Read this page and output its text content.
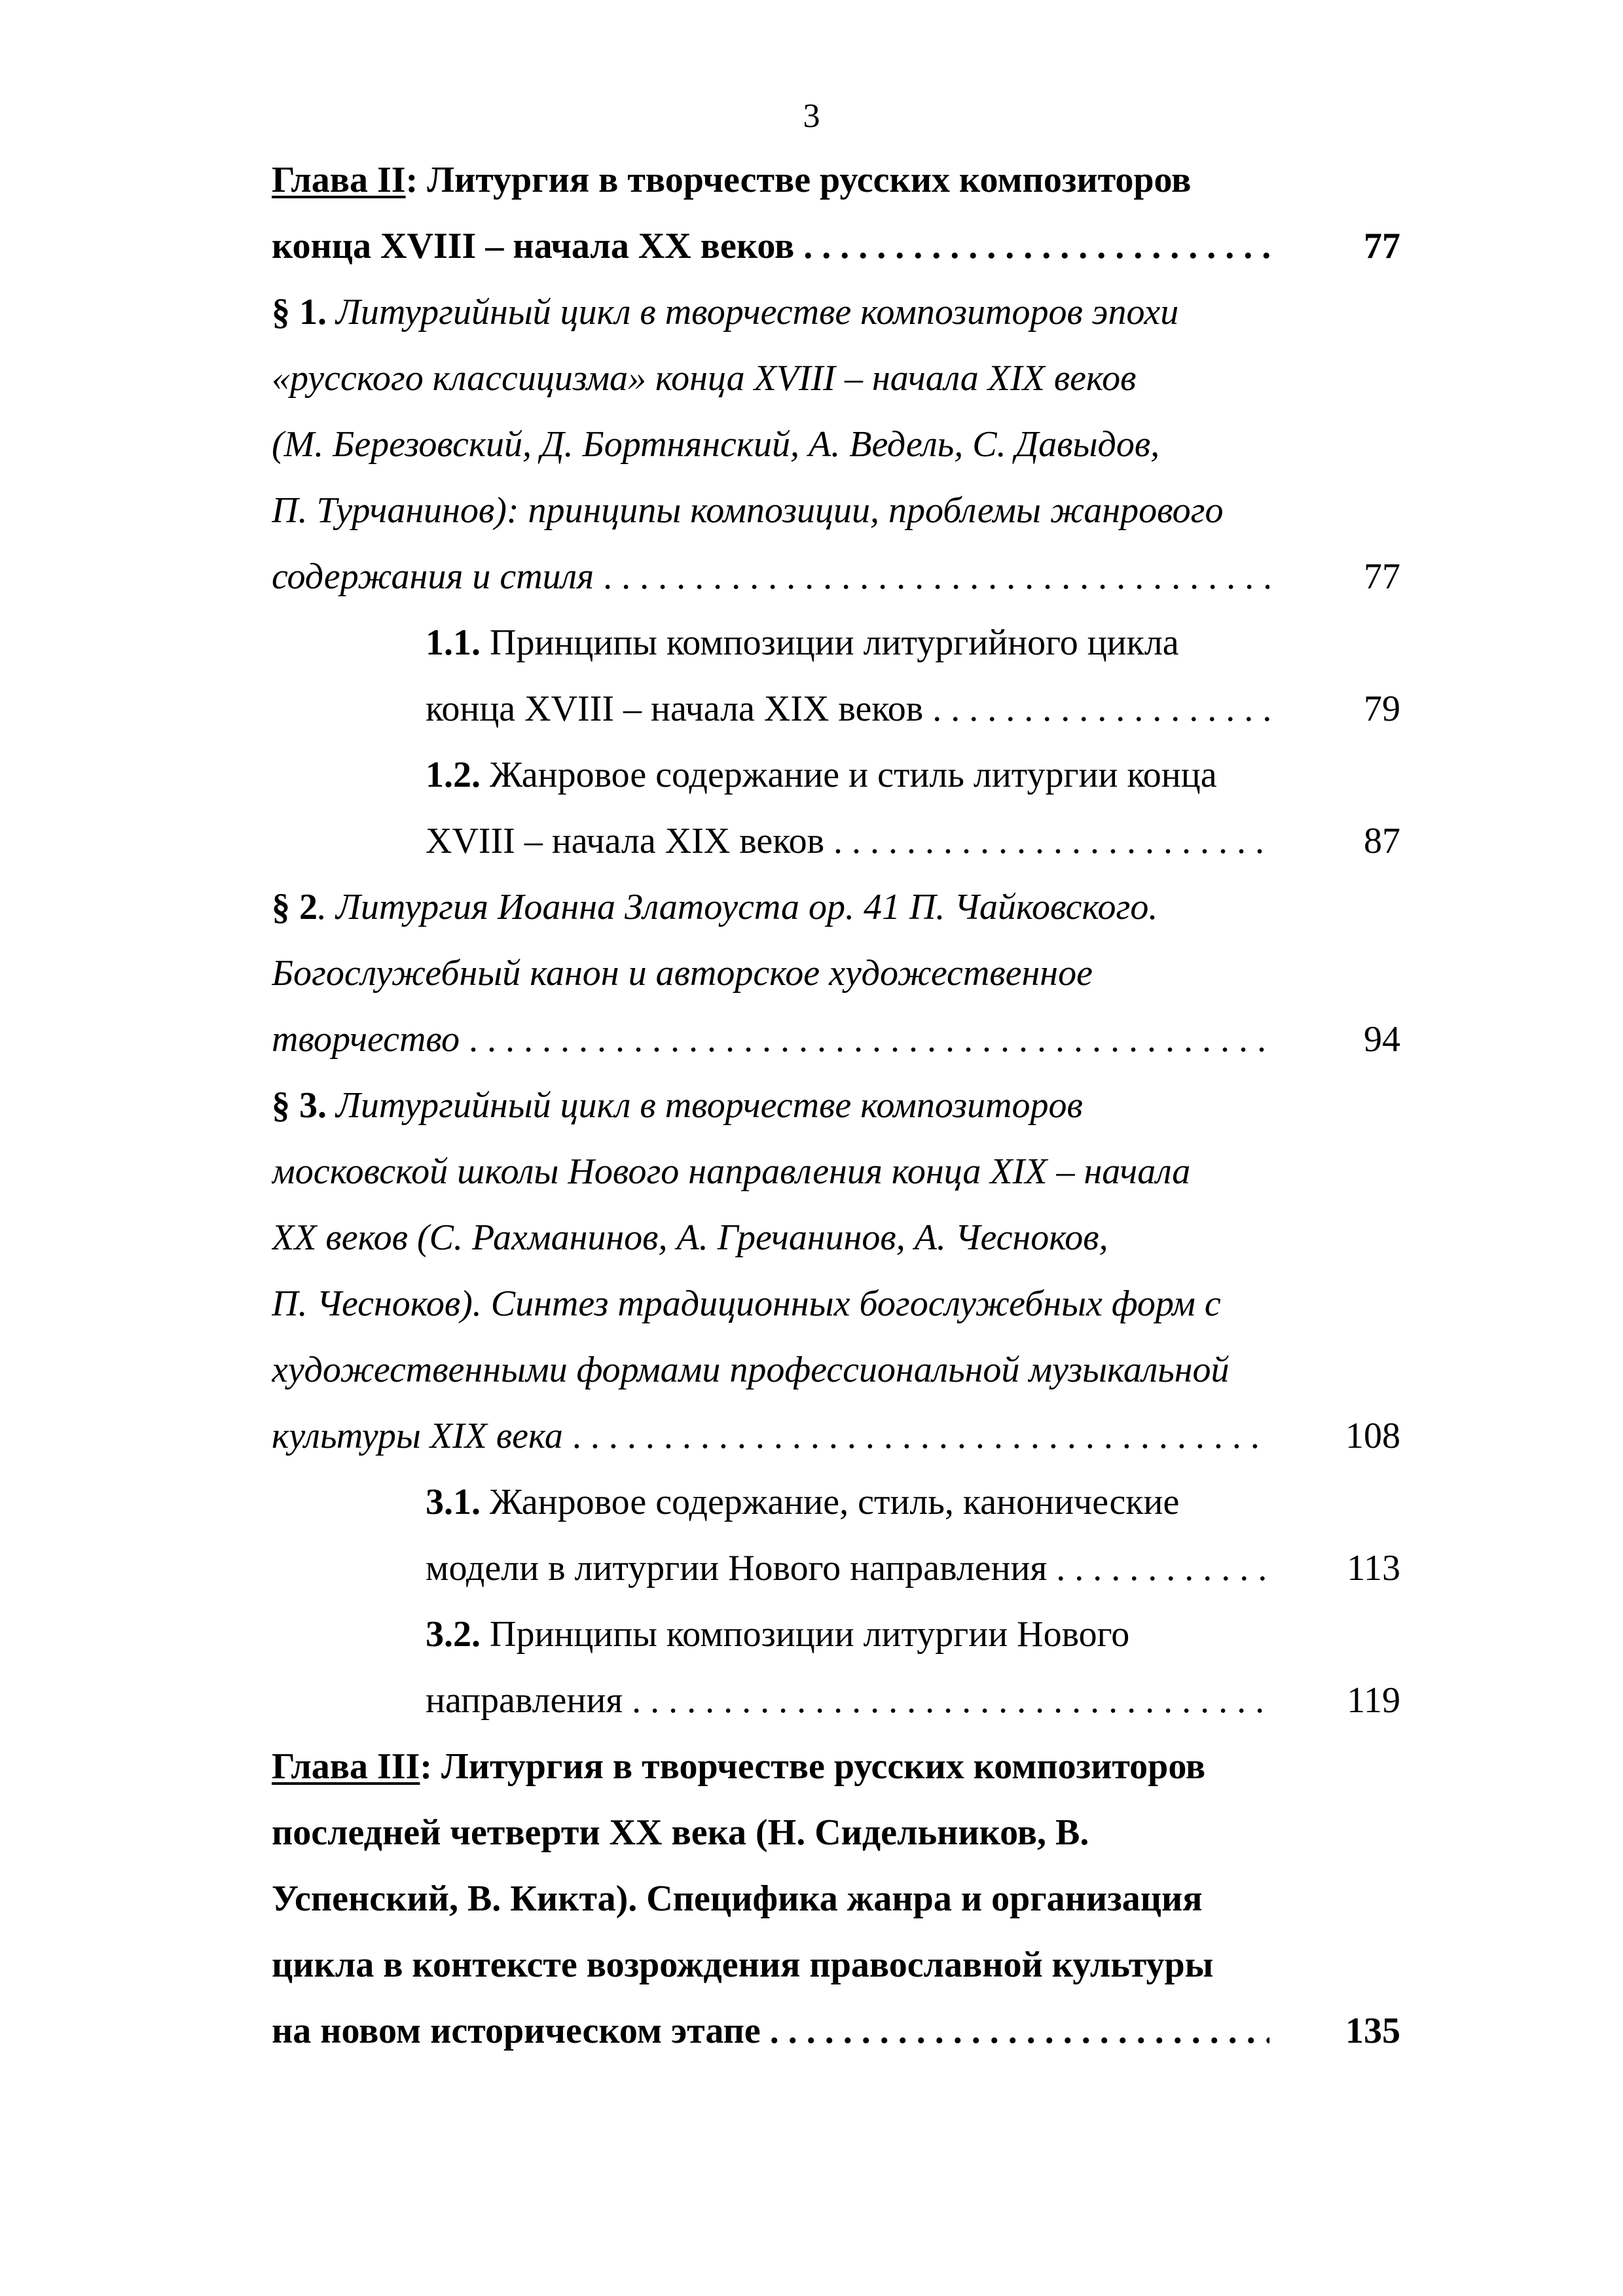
3
Глава II: Литургия в творчестве русских композиторов
конца XVIII – начала XX веков . . .	77
§ 1. Литургийный цикл в творчестве композиторов эпохи
«русского классицизма» конца XVIII – начала XIX веков
(М. Березовский, Д. Бортнянский, А. Ведель, С. Давыдов,
П. Турчанинов): принципы композиции, проблемы жанрового
содержания и стиля . . .	77
1.1. Принципы композиции литургийного цикла
конца XVIII – начала XIX веков . . .	79
1.2. Жанровое содержание и стиль литургии конца
XVIII – начала XIX веков . . .	87
§ 2. Литургия Иоанна Златоуста ор. 41 П. Чайковского.
Богослужебный канон и авторское художественное
творчество . . .	94
§ 3. Литургийный цикл в творчестве композиторов
московской школы Нового направления конца XIX – начала
XX веков (С. Рахманинов, А. Гречанинов, А. Чесноков,
П. Чесноков). Синтез традиционных богослужебных форм с
художественными формами профессиональной музыкальной
культуры XIX века . . .	108
3.1. Жанровое содержание, стиль, канонические
модели в литургии Нового направления . . .	113
3.2. Принципы композиции литургии Нового
направления . . .	119
Глава III: Литургия в творчестве русских композиторов
последней четверти XX века (Н. Сидельников, В.
Успенский, В. Кикта). Специфика жанра и организация
цикла в контексте возрождения православной культуры
на новом историческом этапе . . .	135
